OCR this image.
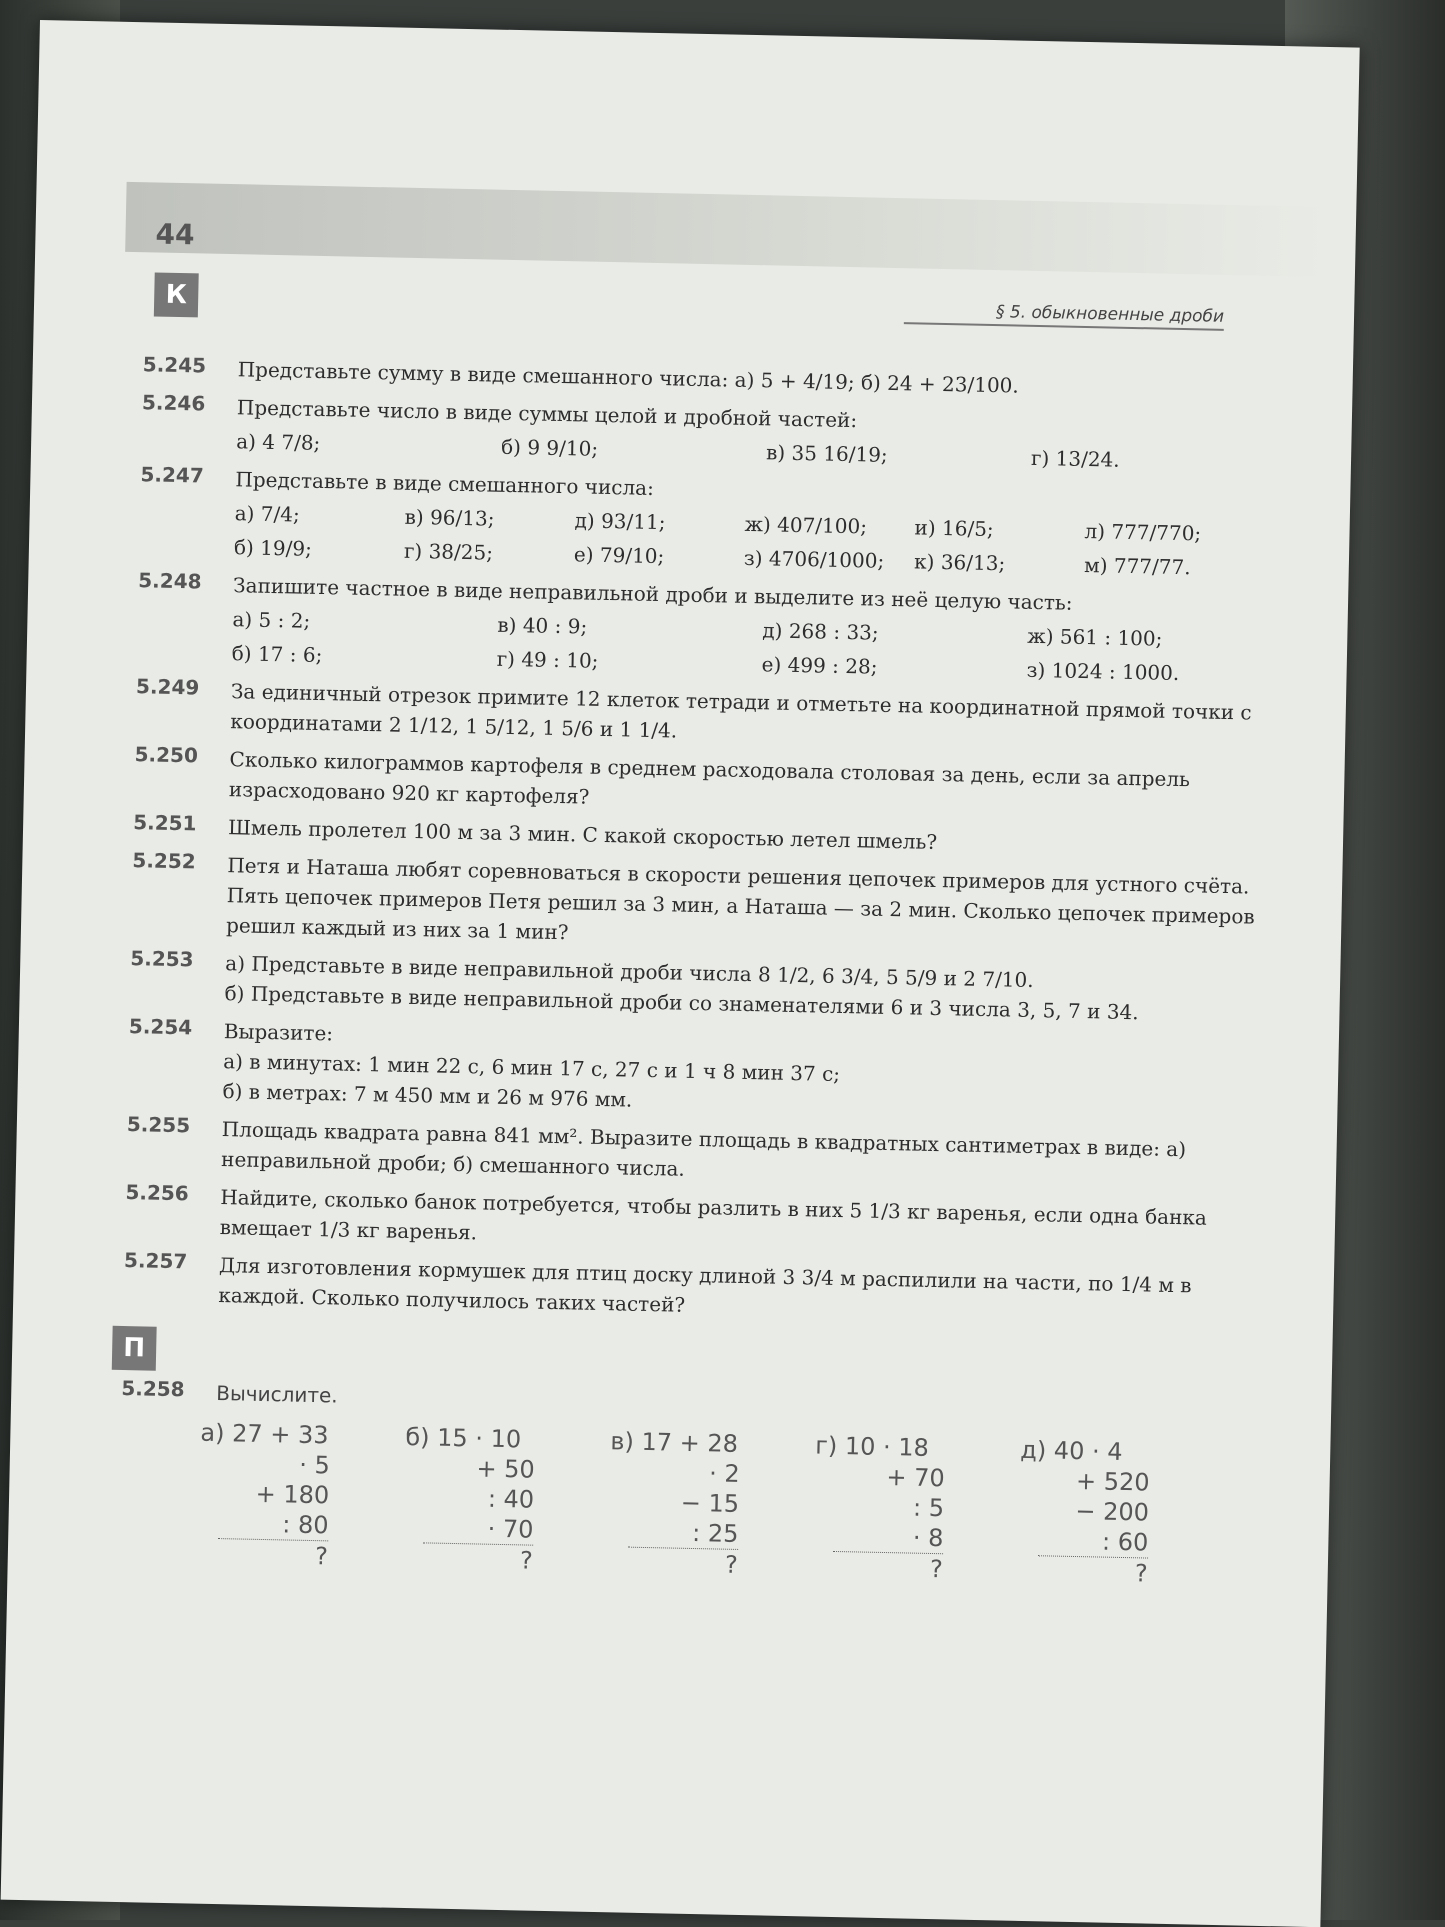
44
§ 5. обыкновенные дроби
К
5.245 Представьте сумму в виде смешанного числа: а) 5 + 4/19; б) 24 + 23/100.
5.246 Представьте число в виде суммы целой и дробной частей:
а) 4 7/8;	б) 9 9/10;	в) 35 16/19;	г) 13/24.
5.247 Представьте в виде смешанного числа:
а) 7/4;	в) 96/13;	д) 93/11;	ж) 407/100;	и) 16/5;	л) 777/770;
б) 19/9;	г) 38/25;	е) 79/10;	з) 4706/1000; к) 36/13;	м) 777/77.
5.248 Запишите частное в виде неправильной дроби и выделите из неё целую часть:
а) 5 : 2;	в) 40 : 9;	д) 268 : 33;	ж) 561 : 100;
б) 17 : 6;	г) 49 : 10;	е) 499 : 28;	з) 1024 : 1000.
5.249 За единичный отрезок примите 12 клеток тетради и отметьте на координатной прямой точки с координатами 2 1/12, 1 5/12, 1 5/6 и 1 1/4.
5.250 Сколько килограммов картофеля в среднем расходовала столовая за день, если за апрель израсходовано 920 кг картофеля?
5.251 Шмель пролетел 100 м за 3 мин. С какой скоростью летел шмель?
5.252 Петя и Наташа любят соревноваться в скорости решения цепочек примеров для устного счёта. Пять цепочек примеров Петя решил за 3 мин, а Наташа — за 2 мин. Сколько цепочек примеров решил каждый из них за 1 мин?
5.253 а) Представьте в виде неправильной дроби числа 8 1/2, 6 3/4, 5 5/9 и 2 7/10.
б) Представьте в виде неправильной дроби со знаменателями 6 и 3 числа 3, 5, 7 и 34.
5.254 Выразите:
а) в минутах: 1 мин 22 с, 6 мин 17 с, 27 с и 1 ч 8 мин 37 с;
б) в метрах: 7 м 450 мм и 26 м 976 мм.
5.255 Площадь квадрата равна 841 мм². Выразите площадь в квадратных сантиметрах в виде: а) неправильной дроби; б) смешанного числа.
5.256 Найдите, сколько банок потребуется, чтобы разлить в них 5 1/3 кг варенья, если одна банка вмещает 1/3 кг варенья.
5.257 Для изготовления кормушек для птиц доску длиной 3 3/4 м распилили на части, по 1/4 м в каждой. Сколько получилось таких частей?
П
5.258 Вычислите.
а) 27 + 33
· 5
+ 180
: 80
?
б) 15 · 10
+ 50
: 40
· 70
?
в) 17 + 28
· 2
− 15
: 25
?
г) 10 · 18
+ 70
: 5
· 8
?
д) 40 · 4
+ 520
− 200
: 60
?
